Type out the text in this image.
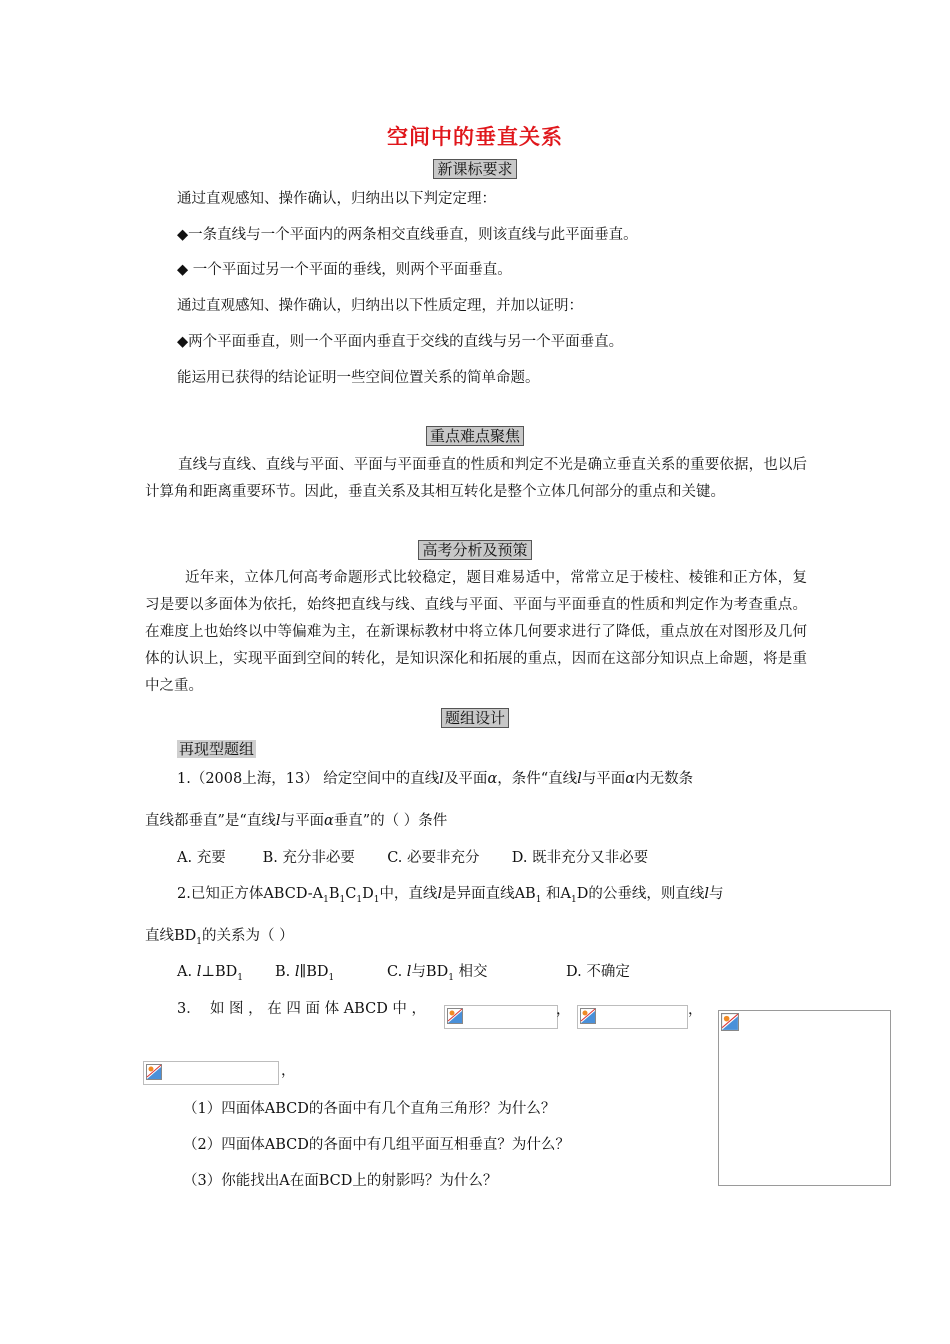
空间中的垂直关系
新课标要求
通过直观感知、操作确认，归纳出以下判定定理：
◆一条直线与一个平面内的两条相交直线垂直，则该直线与此平面垂直。
◆ 一个平面过另一个平面的垂线，则两个平面垂直。
通过直观感知、操作确认，归纳出以下性质定理，并加以证明：
◆两个平面垂直，则一个平面内垂直于交线的直线与另一个平面垂直。
能运用已获得的结论证明一些空间位置关系的简单命题。
重点难点聚焦
直线与直线、直线与平面、平面与平面垂直的性质和判定不光是确立垂直关系的重要依据，也以后计算角和距离重要环节。因此，垂直关系及其相互转化是整个立体几何部分的重点和关键。
高考分析及预策
近年来，立体几何高考命题形式比较稳定，题目难易适中，常常立足于棱柱、棱锥和正方体，复习是要以多面体为依托，始终把直线与线、直线与平面、平面与平面垂直的性质和判定作为考查重点。在难度上也始终以中等偏难为主，在新课标教材中将立体几何要求进行了降低，重点放在对图形及几何体的认识上，实现平面到空间的转化，是知识深化和拓展的重点，因而在这部分知识点上命题，将是重中之重。
题组设计
再现型题组
1.（2008上海，13） 给定空间中的直线l及平面α，条件“直线l与平面α内无数条
直线都垂直”是“直线l与平面α垂直”的（ ）条件
A. 充要        B. 充分非必要       C. 必要非充分       D. 既非充分又非必要
2.已知正方体ABCD-$A_1B_1C_1D_1$中，直线l是异面直线$AB_1$ 和$A_1D$的公垂线，则直线l与
直线$BD_1$的关系为（ ）
A. $l\perp BD_1$ B. $l\parallel BD_1$	C. l与$BD_1$ 相交	D. 不确定
3．  如 图 ， 在 四 面 体 ABCD 中 ，	，	，
，
（1）四面体ABCD的各面中有几个直角三角形？为什么？
（2）四面体ABCD的各面中有几组平面互相垂直？为什么？
（3）你能找出A在面BCD上的射影吗？为什么？
